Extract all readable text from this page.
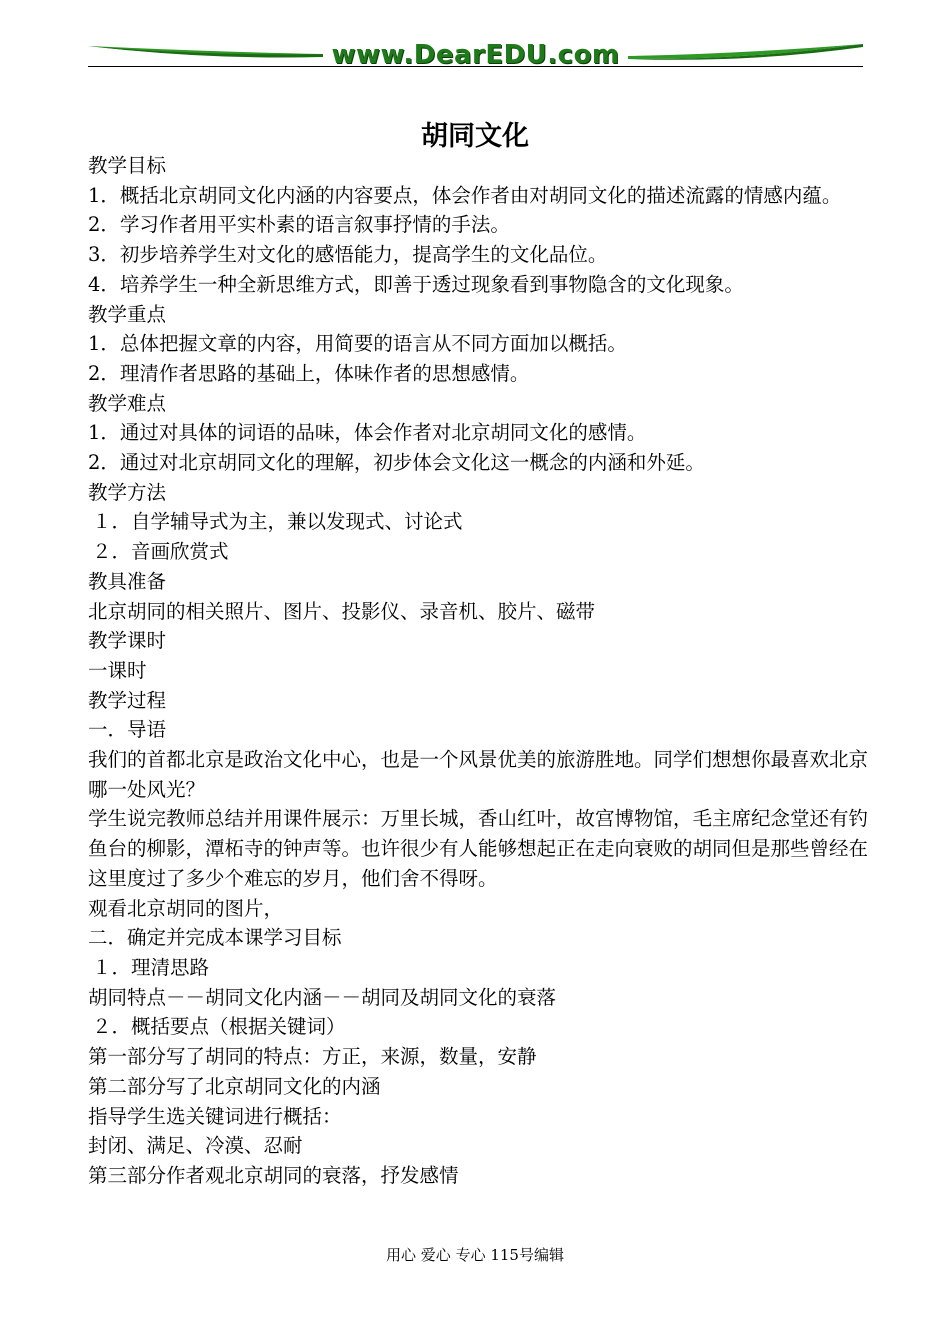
www.DearEDU.com
胡同文化

教学目标

1．概括北京胡同文化内涵的内容要点，体会作者由对胡同文化的描述流露的情感内蕴。

2．学习作者用平实朴素的语言叙事抒情的手法。

3．初步培养学生对文化的感悟能力，提高学生的文化品位。

4．培养学生一种全新思维方式，即善于透过现象看到事物隐含的文化现象。

教学重点

1．总体把握文章的内容，用简要的语言从不同方面加以概括。

2．理清作者思路的基础上，体味作者的思想感情。

教学难点

1．通过对具体的词语的品味，体会作者对北京胡同文化的感情。

2．通过对北京胡同文化的理解，初步体会文化这一概念的内涵和外延。

教学方法

１．自学辅导式为主，兼以发现式、讨论式

２．音画欣赏式

教具准备

北京胡同的相关照片、图片、投影仪、录音机、胶片、磁带

教学课时

一课时

教学过程

一．导语

我们的首都北京是政治文化中心，也是一个风景优美的旅游胜地。同学们想想你最喜欢北京哪一处风光？

学生说完教师总结并用课件展示：万里长城，香山红叶，故宫博物馆，毛主席纪念堂还有钓鱼台的柳影，潭柘寺的钟声等。也许很少有人能够想起正在走向衰败的胡同但是那些曾经在这里度过了多少个难忘的岁月，他们舍不得呀。

观看北京胡同的图片，

二．确定并完成本课学习目标

１．理清思路

胡同特点－－胡同文化内涵－－胡同及胡同文化的衰落

２．概括要点（根据关键词）

第一部分写了胡同的特点：方正，来源，数量，安静

第二部分写了北京胡同文化的内涵

指导学生选关键词进行概括：

封闭、满足、冷漠、忍耐

第三部分作者观北京胡同的衰落，抒发感情

用心 爱心 专心 115号编辑
